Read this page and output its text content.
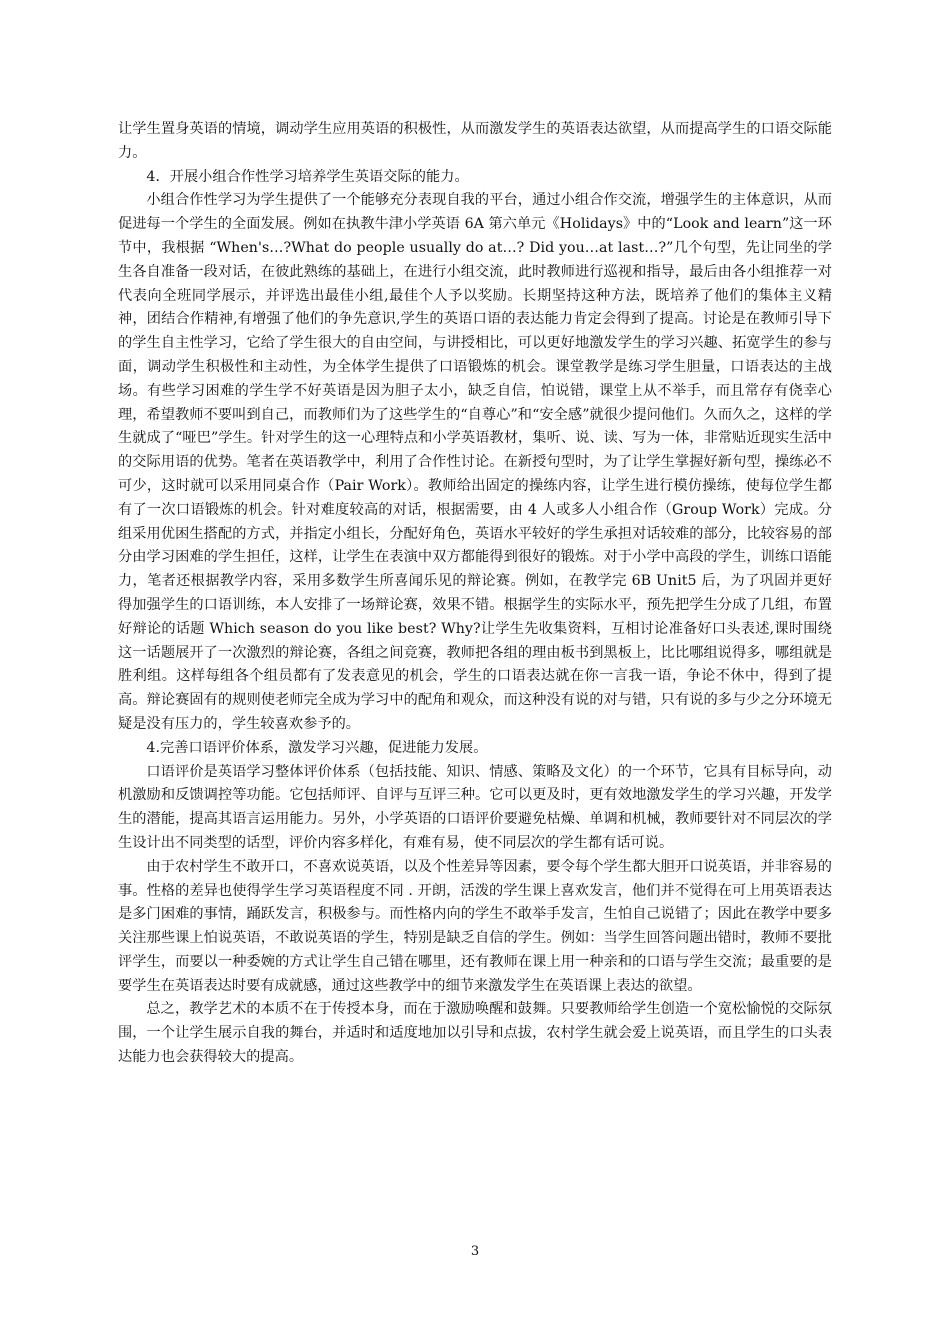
让学生置身英语的情境，调动学生应用英语的积极性，从而激发学生的英语表达欲望，从而提高学生的口语交际能力。

4．开展小组合作性学习培养学生英语交际的能力。

小组合作性学习为学生提供了一个能够充分表现自我的平台，通过小组合作交流，增强学生的主体意识，从而促进每一个学生的全面发展。例如在执教牛津小学英语 6A 第六单元《Holidays》中的“Look and learn”这一环节中，我根据 “When's…?What do people usually do at…? Did you…at last…?”几个句型，先让同坐的学生各自准备一段对话，在彼此熟练的基础上，在进行小组交流，此时教师进行巡视和指导，最后由各小组推荐一对代表向全班同学展示，并评选出最佳小组,最佳个人予以奖励。长期坚持这种方法，既培养了他们的集体主义精神，团结合作精神,有增强了他们的争先意识,学生的英语口语的表达能力肯定会得到了提高。讨论是在教师引导下的学生自主性学习，它给了学生很大的自由空间，与讲授相比，可以更好地激发学生的学习兴趣、拓宽学生的参与面，调动学生积极性和主动性，为全体学生提供了口语锻炼的机会。课堂教学是练习学生胆量，口语表达的主战场。有些学习困难的学生学不好英语是因为胆子太小，缺乏自信，怕说错，课堂上从不举手，而且常存有侥幸心理，希望教师不要叫到自己，而教师们为了这些学生的“自尊心”和“安全感”就很少提问他们。久而久之，这样的学生就成了“哑巴”学生。针对学生的这一心理特点和小学英语教材，集听、说、读、写为一体，非常贴近现实生活中的交际用语的优势。笔者在英语教学中，利用了合作性讨论。在新授句型时，为了让学生掌握好新句型，操练必不可少，这时就可以采用同桌合作（Pair Work）。教师给出固定的操练内容，让学生进行模仿操练，使每位学生都有了一次口语锻炼的机会。针对难度较高的对话，根据需要，由 4 人或多人小组合作（Group Work）完成。分组采用优困生搭配的方式，并指定小组长，分配好角色，英语水平较好的学生承担对话较难的部分，比较容易的部分由学习困难的学生担任，这样，让学生在表演中双方都能得到很好的锻炼。对于小学中高段的学生，训练口语能力，笔者还根据教学内容，采用多数学生所喜闻乐见的辩论赛。例如，在教学完 6B Unit5 后，为了巩固并更好得加强学生的口语训练，本人安排了一场辩论赛，效果不错。根据学生的实际水平，预先把学生分成了几组，布置好辩论的话题 Which season do you like best? Why?让学生先收集资料，互相讨论准备好口头表述,课时围绕这一话题展开了一次激烈的辩论赛，各组之间竞赛，教师把各组的理由板书到黑板上，比比哪组说得多，哪组就是胜利组。这样每组各个组员都有了发表意见的机会，学生的口语表达就在你一言我一语，争论不休中，得到了提高。辩论赛固有的规则使老师完全成为学习中的配角和观众，而这种没有说的对与错，只有说的多与少之分环境无疑是没有压力的，学生较喜欢参予的。

4.完善口语评价体系，激发学习兴趣，促进能力发展。

口语评价是英语学习整体评价体系（包括技能、知识、情感、策略及文化）的一个环节，它具有目标导向，动机激励和反馈调控等功能。它包括师评、自评与互评三种。它可以更及时，更有效地激发学生的学习兴趣，开发学生的潜能，提高其语言运用能力。另外，小学英语的口语评价要避免枯燥、单调和机械，教师要针对不同层次的学生设计出不同类型的话型，评价内容多样化，有难有易，使不同层次的学生都有话可说。

由于农村学生不敢开口，不喜欢说英语，以及个性差异等因素，要令每个学生都大胆开口说英语，并非容易的事。性格的差异也使得学生学习英语程度不同 . 开朗，活泼的学生课上喜欢发言，他们并不觉得在可上用英语表达是多门困难的事情，踊跃发言，积极参与。而性格内向的学生不敢举手发言，生怕自己说错了；因此在教学中要多关注那些课上怕说英语，不敢说英语的学生，特别是缺乏自信的学生。例如：当学生回答问题出错时，教师不要批评学生，而要以一种委婉的方式让学生自己错在哪里，还有教师在课上用一种亲和的口语与学生交流；最重要的是要学生在英语表达时要有成就感，通过这些教学中的细节来激发学生在英语课上表达的欲望。

总之，教学艺术的本质不在于传授本身，而在于激励唤醒和鼓舞。只要教师给学生创造一个宽松愉悦的交际氛围，一个让学生展示自我的舞台，并适时和适度地加以引导和点拔，农村学生就会爱上说英语，而且学生的口头表达能力也会获得较大的提高。

3
